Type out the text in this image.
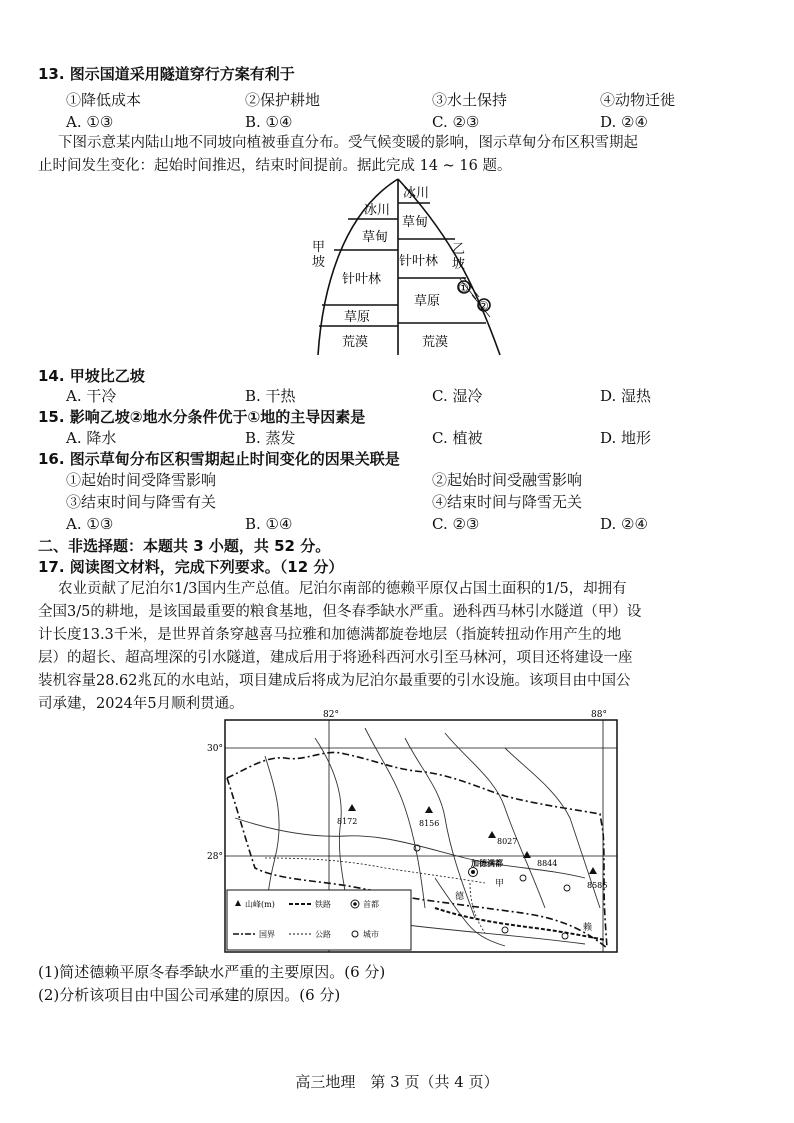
13. 图示国道采用隧道穿行方案有利于
①降低成本	②保护耕地	③水土保持	④动物迁徙
A. ①③	B. ①④	C. ②③	D. ②④
下图示意某内陆山地不同坡向植被垂直分布。受气候变暖的影响，图示草甸分布区积雪期起
止时间发生变化：起始时间推迟，结束时间提前。据此完成 14 ~ 16 题。
冰川
草甸
针叶林
草原
荒漠
冰川
草甸
针叶林
草原
荒漠
①
②
甲坡
乙坡
14. 甲坡比乙坡
A. 干冷	B. 干热	C. 湿冷	D. 湿热
15. 影响乙坡②地水分条件优于①地的主导因素是
A. 降水	B. 蒸发	C. 植被	D. 地形
16. 图示草甸分布区积雪期起止时间变化的因果关联是
①起始时间受降雪影响	②起始时间受融雪影响
③结束时间与降雪有关	④结束时间与降雪无关
A. ①③	B. ①④	C. ②③	D. ②④
二、非选择题：本题共 3 小题，共 52 分。
17. 阅读图文材料，完成下列要求。（12 分）
农业贡献了尼泊尔1/3国内生产总值。尼泊尔南部的德赖平原仅占国土面积的1/5，却拥有
全国3/5的耕地，是该国最重要的粮食基地，但冬春季缺水严重。逊科西马林引水隧道（甲）设
计长度13.3千米，是世界首条穿越喜马拉雅和加德满都旋卷地层（指旋转扭动作用产生的地
层）的超长、超高埋深的引水隧道，建成后用于将逊科西河水引至马林河，项目还将建设一座
装机容量28.62兆瓦的水电站，项目建成后将成为尼泊尔最重要的引水设施。该项目由中国公
司承建，2024年5月顺利贯通。
82°	88°
30°
28°
8172	8156
8027
8844
8586
加德满都
甲
德
赖
山峰(m)	铁路	首都
国界	公路	城市
(1)简述德赖平原冬春季缺水严重的主要原因。(6 分)
(2)分析该项目由中国公司承建的原因。(6 分)
高三地理　第 3 页（共 4 页）
